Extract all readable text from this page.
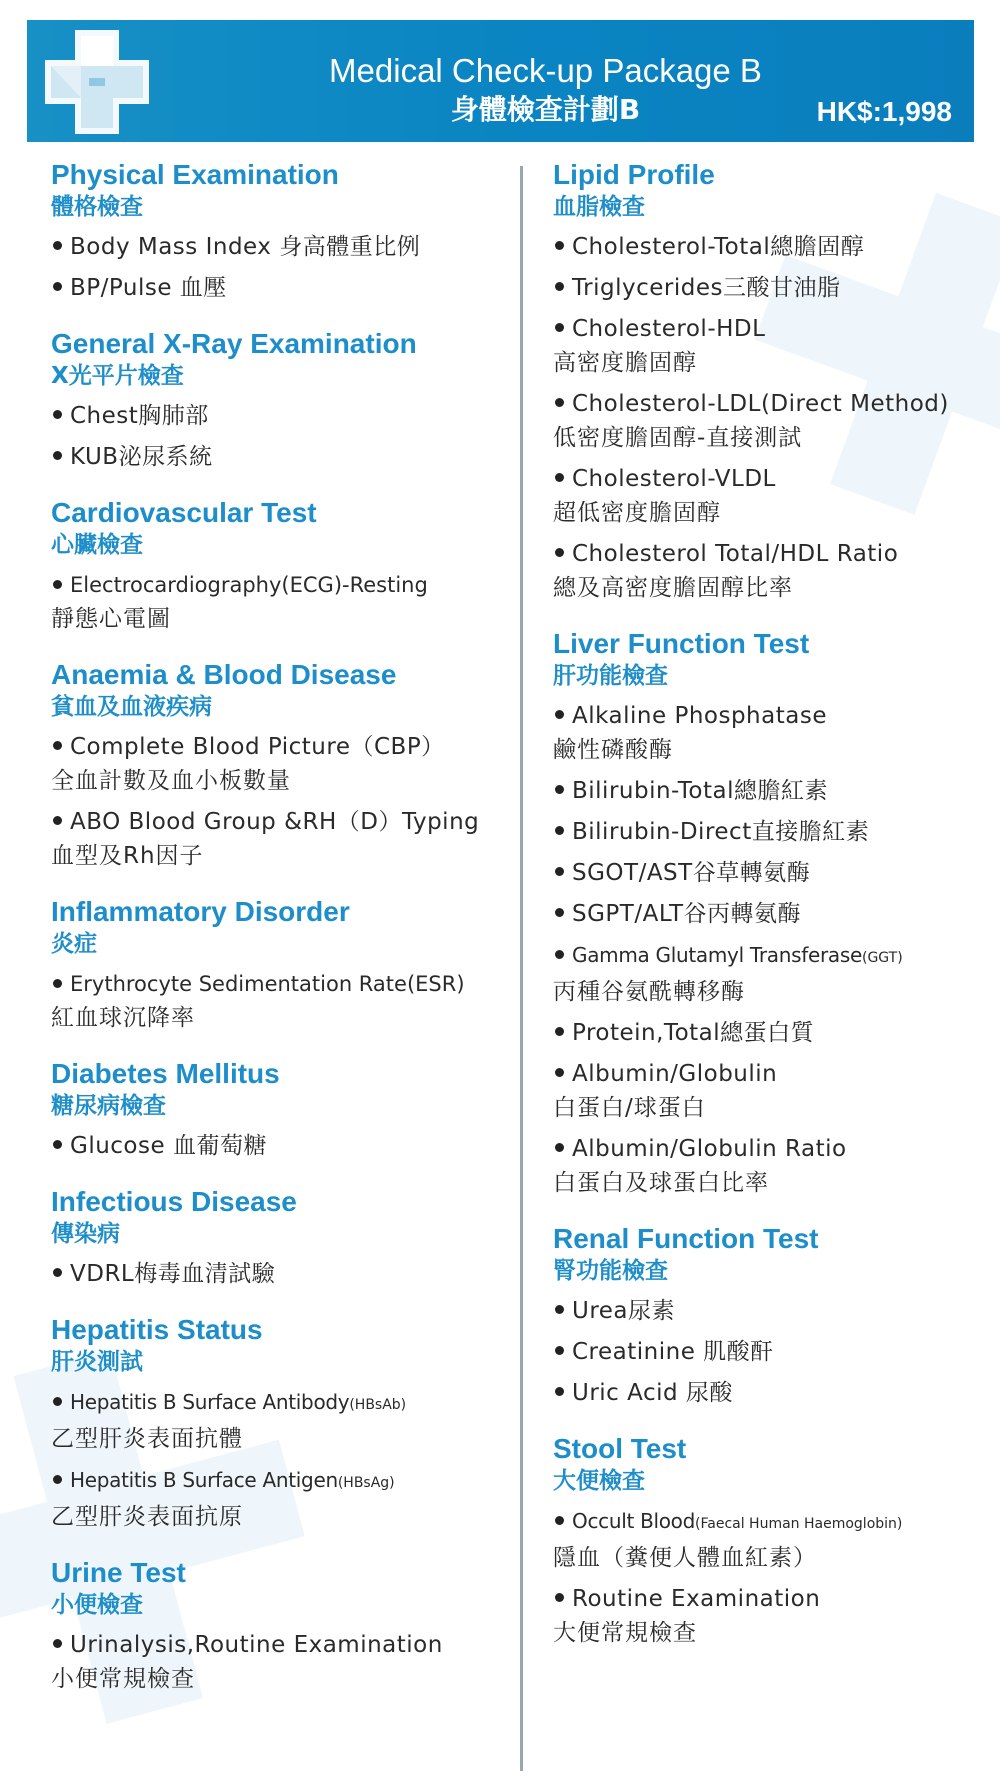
Medical Check-up Package B
身體檢查計劃B	HK$:1,998
Physical Examination
體格檢查
Body Mass Index 身高體重比例
BP/Pulse 血壓
General X-Ray Examination
X光平片檢查
Chest胸肺部
KUB泌尿系統
Cardiovascular Test
心臟檢查
Electrocardiography(ECG)-Resting
靜態心電圖
Anaemia & Blood Disease
貧血及血液疾病
Complete Blood Picture（CBP）
全血計數及血小板數量
ABO Blood Group &RH（D）Typing
血型及Rh因子
Inflammatory Disorder
炎症
Erythrocyte Sedimentation Rate(ESR)
紅血球沉降率
Diabetes Mellitus
糖尿病檢查
Glucose 血葡萄糖
Infectious Disease
傳染病
VDRL梅毒血清試驗
Hepatitis Status
肝炎測試
Hepatitis B Surface Antibody(HBsAb)
乙型肝炎表面抗體
Hepatitis B Surface Antigen(HBsAg)
乙型肝炎表面抗原
Urine Test
小便檢查
Urinalysis,Routine Examination
小便常規檢查
Lipid Profile
血脂檢查
Cholesterol-Total總膽固醇
Triglycerides三酸甘油脂
Cholesterol-HDL
高密度膽固醇
Cholesterol-LDL(Direct Method)
低密度膽固醇-直接測試
Cholesterol-VLDL
超低密度膽固醇
Cholesterol Total/HDL Ratio
總及高密度膽固醇比率
Liver Function Test
肝功能檢查
Alkaline Phosphatase
鹼性磷酸酶
Bilirubin-Total總膽紅素
Bilirubin-Direct直接膽紅素
SGOT/AST谷草轉氨酶
SGPT/ALT谷丙轉氨酶
Gamma Glutamyl Transferase(GGT)
丙種谷氨酰轉移酶
Protein,Total總蛋白質
Albumin/Globulin
白蛋白/球蛋白
Albumin/Globulin Ratio
白蛋白及球蛋白比率
Renal Function Test
腎功能檢查
Urea尿素
Creatinine 肌酸酐
Uric Acid 尿酸
Stool Test
大便檢查
Occult Blood(Faecal Human Haemoglobin)
隱血（糞便人體血紅素）
Routine Examination
大便常規檢查
